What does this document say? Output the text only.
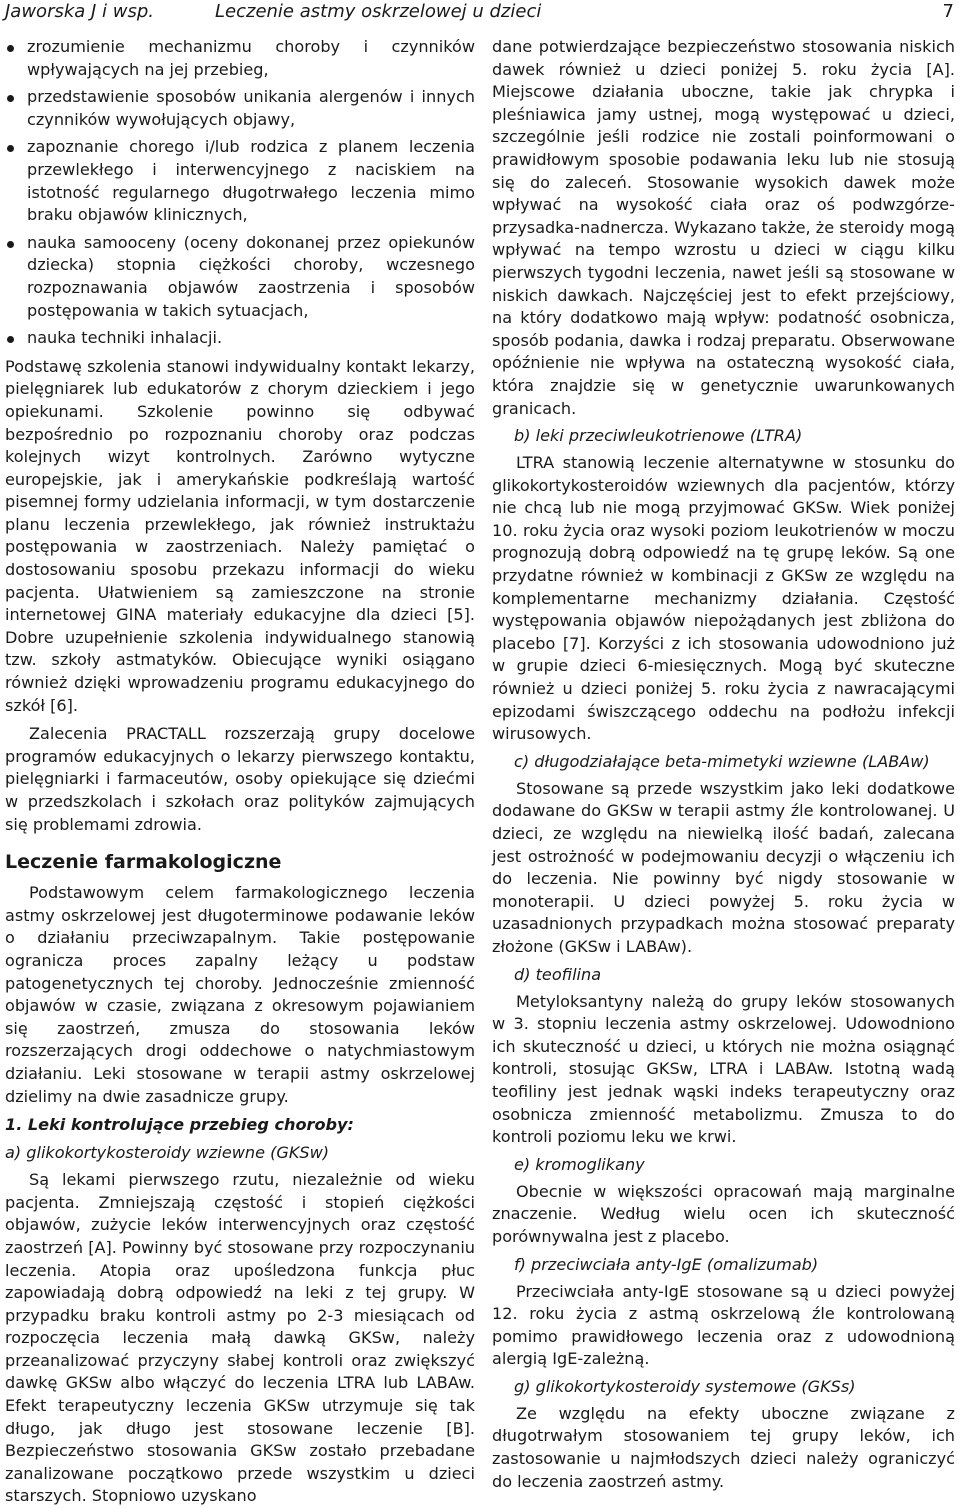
Jaworska J i wsp.	Leczenie astmy oskrzelowej u dzieci	7
zrozumienie mechanizmu choroby i czynników wpływających na jej przebieg,
przedstawienie sposobów unikania alergenów i innych czynników wywołujących objawy,
zapoznanie chorego i/lub rodzica z planem leczenia przewlekłego i interwencyjnego z naciskiem na istotność regularnego długotrwałego leczenia mimo braku objawów klinicznych,
nauka samooceny (oceny dokonanej przez opiekunów dziecka) stopnia ciężkości choroby, wczesnego rozpoznawania objawów zaostrzenia i sposobów postępowania w takich sytuacjach,
nauka techniki inhalacji.

Podstawę szkolenia stanowi indywidualny kontakt lekarzy, pielęgniarek lub edukatorów z chorym dzieckiem i jego opiekunami. Szkolenie powinno się odbywać bezpośrednio po rozpoznaniu choroby oraz podczas kolejnych wizyt kontrolnych. Zarówno wytyczne europejskie, jak i amerykańskie podkreślają wartość pisemnej formy udzielania informacji, w tym dostarczenie planu leczenia przewlekłego, jak również instruktażu postępowania w zaostrzeniach. Należy pamiętać o dostosowaniu sposobu przekazu informacji do wieku pacjenta. Ułatwieniem są zamieszczone na stronie internetowej GINA materiały edukacyjne dla dzieci [5]. Dobre uzupełnienie szkolenia indywidualnego stanowią tzw. szkoły astmatyków. Obiecujące wyniki osiągano również dzięki wprowadzeniu programu edukacyjnego do szkół [6].

Zalecenia PRACTALL rozszerzają grupy docelowe programów edukacyjnych o lekarzy pierwszego kontaktu, pielęgniarki i farmaceutów, osoby opiekujące się dziećmi w przedszkolach i szkołach oraz polityków zajmujących się problemami zdrowia.

Leczenie farmakologiczne

Podstawowym celem farmakologicznego leczenia astmy oskrzelowej jest długoterminowe podawanie leków o działaniu przeciwzapalnym. Takie postępowanie ogranicza proces zapalny leżący u podstaw patogenetycznych tej choroby. Jednocześnie zmienność objawów w czasie, związana z okresowym pojawianiem się zaostrzeń, zmusza do stosowania leków rozszerzających drogi oddechowe o natychmiastowym działaniu. Leki stosowane w terapii astmy oskrzelowej dzielimy na dwie zasadnicze grupy.

1. Leki kontrolujące przebieg choroby:
a) glikokortykosteroidy wziewne (GKSw)

Są lekami pierwszego rzutu, niezależnie od wieku pacjenta. Zmniejszają częstość i stopień ciężkości objawów, zużycie leków interwencyjnych oraz częstość zaostrzeń [A]. Powinny być stosowane przy rozpoczynaniu leczenia. Atopia oraz upośledzona funkcja płuc zapowiadają dobrą odpowiedź na leki z tej grupy. W przypadku braku kontroli astmy po 2-3 miesiącach od rozpoczęcia leczenia małą dawką GKSw, należy przeanalizować przyczyny słabej kontroli oraz zwiększyć dawkę GKSw albo włączyć do leczenia LTRA lub LABAw. Efekt terapeutyczny leczenia GKSw utrzymuje się tak długo, jak długo jest stosowane leczenie [B]. Bezpieczeństwo stosowania GKSw zostało przebadane zanalizowane początkowo przede wszystkim u dzieci starszych. Stopniowo uzyskano

dane potwierdzające bezpieczeństwo stosowania niskich dawek również u dzieci poniżej 5. roku życia [A]. Miejscowe działania uboczne, takie jak chrypka i pleśniawica jamy ustnej, mogą występować u dzieci, szczególnie jeśli rodzice nie zostali poinformowani o prawidłowym sposobie podawania leku lub nie stosują się do zaleceń. Stosowanie wysokich dawek może wpływać na wysokość ciała oraz oś podwzgórze-przysadka-nadnercza. Wykazano także, że steroidy mogą wpływać na tempo wzrostu u dzieci w ciągu kilku pierwszych tygodni leczenia, nawet jeśli są stosowane w niskich dawkach. Najczęściej jest to efekt przejściowy, na który dodatkowo mają wpływ: podatność osobnicza, sposób podania, dawka i rodzaj preparatu. Obserwowane opóźnienie nie wpływa na ostateczną wysokość ciała, która znajdzie się w genetycznie uwarunkowanych granicach.

b) leki przeciwleukotrienowe (LTRA)

LTRA stanowią leczenie alternatywne w stosunku do glikokortykosteroidów wziewnych dla pacjentów, którzy nie chcą lub nie mogą przyjmować GKSw. Wiek poniżej 10. roku życia oraz wysoki poziom leukotrienów w moczu prognozują dobrą odpowiedź na tę grupę leków. Są one przydatne również w kombinacji z GKSw ze względu na komplementarne mechanizmy działania. Częstość występowania objawów niepożądanych jest zbliżona do placebo [7]. Korzyści z ich stosowania udowodniono już w grupie dzieci 6-miesięcznych. Mogą być skuteczne również u dzieci poniżej 5. roku życia z nawracającymi epizodami świszczącego oddechu na podłożu infekcji wirusowych.

c) długodziałające beta-mimetyki wziewne (LABAw)

Stosowane są przede wszystkim jako leki dodatkowe dodawane do GKSw w terapii astmy źle kontrolowanej. U dzieci, ze względu na niewielką ilość badań, zalecana jest ostrożność w podejmowaniu decyzji o włączeniu ich do leczenia. Nie powinny być nigdy stosowanie w monoterapii. U dzieci powyżej 5. roku życia w uzasadnionych przypadkach można stosować preparaty złożone (GKSw i LABAw).

d) teofilina

Metyloksantyny należą do grupy leków stosowanych w 3. stopniu leczenia astmy oskrzelowej. Udowodniono ich skuteczność u dzieci, u których nie można osiągnąć kontroli, stosując GKSw, LTRA i LABAw. Istotną wadą teofiliny jest jednak wąski indeks terapeutyczny oraz osobnicza zmienność metabolizmu. Zmusza to do kontroli poziomu leku we krwi.

e) kromoglikany

Obecnie w większości opracowań mają marginalne znaczenie. Według wielu ocen ich skuteczność porównywalna jest z placebo.

f) przeciwciała anty-IgE (omalizumab)

Przeciwciała anty-IgE stosowane są u dzieci powyżej 12. roku życia z astmą oskrzelową źle kontrolowaną pomimo prawidłowego leczenia oraz z udowodnioną alergią IgE-zależną.

g) glikokortykosteroidy systemowe (GKSs)

Ze względu na efekty uboczne związane z długotrwałym stosowaniem tej grupy leków, ich zastosowanie u najmłodszych dzieci należy ograniczyć do leczenia zaostrzeń astmy.
